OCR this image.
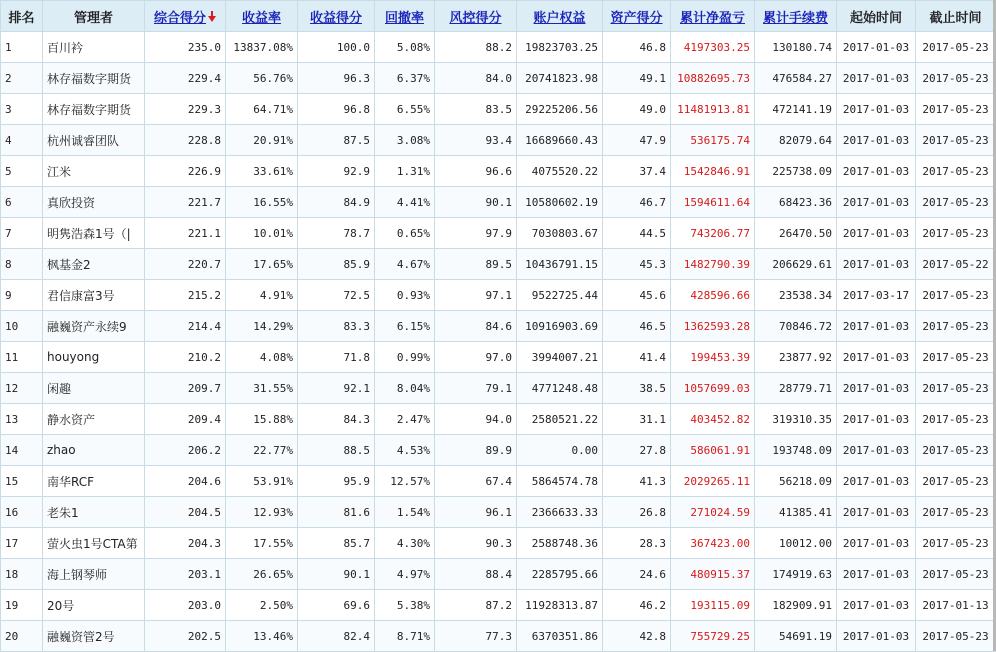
排名	管理者	综合得分	收益率	收益得分	回撤率	风控得分	账户权益	资产得分	累计净盈亏	累计手续费	起始时间	截止时间
1	百川衿	235.0	13837.08%	100.0	5.08%	88.2	19823703.25	46.8	4197303.25	130180.74	2017-01-03	2017-05-23
2	林存福数字期货	229.4	56.76%	96.3	6.37%	84.0	20741823.98	49.1	10882695.73	476584.27	2017-01-03	2017-05-23
3	林存福数字期货	229.3	64.71%	96.8	6.55%	83.5	29225206.56	49.0	11481913.81	472141.19	2017-01-03	2017-05-23
4	杭州诚睿团队	228.8	20.91%	87.5	3.08%	93.4	16689660.43	47.9	536175.74	82079.64	2017-01-03	2017-05-23
5	江米	226.9	33.61%	92.9	1.31%	96.6	4075520.22	37.4	1542846.91	225738.09	2017-01-03	2017-05-23
6	真欣投资	221.7	16.55%	84.9	4.41%	90.1	10580602.19	46.7	1594611.64	68423.36	2017-01-03	2017-05-23
7	明隽浩森1号（|	221.1	10.01%	78.7	0.65%	97.9	7030803.67	44.5	743206.77	26470.50	2017-01-03	2017-05-23
8	枫基金2	220.7	17.65%	85.9	4.67%	89.5	10436791.15	45.3	1482790.39	206629.61	2017-01-03	2017-05-22
9	君信康富3号	215.2	4.91%	72.5	0.93%	97.1	9522725.44	45.6	428596.66	23538.34	2017-03-17	2017-05-23
10	融巍资产永续9	214.4	14.29%	83.3	6.15%	84.6	10916903.69	46.5	1362593.28	70846.72	2017-01-03	2017-05-23
11	houyong	210.2	4.08%	71.8	0.99%	97.0	3994007.21	41.4	199453.39	23877.92	2017-01-03	2017-05-23
12	闲趣	209.7	31.55%	92.1	8.04%	79.1	4771248.48	38.5	1057699.03	28779.71	2017-01-03	2017-05-23
13	静水资产	209.4	15.88%	84.3	2.47%	94.0	2580521.22	31.1	403452.82	319310.35	2017-01-03	2017-05-23
14	zhao	206.2	22.77%	88.5	4.53%	89.9	0.00	27.8	586061.91	193748.09	2017-01-03	2017-05-23
15	南华RCF	204.6	53.91%	95.9	12.57%	67.4	5864574.78	41.3	2029265.11	56218.09	2017-01-03	2017-05-23
16	老朱1	204.5	12.93%	81.6	1.54%	96.1	2366633.33	26.8	271024.59	41385.41	2017-01-03	2017-05-23
17	萤火虫1号CTA第	204.3	17.55%	85.7	4.30%	90.3	2588748.36	28.3	367423.00	10012.00	2017-01-03	2017-05-23
18	海上钢琴师	203.1	26.65%	90.1	4.97%	88.4	2285795.66	24.6	480915.37	174919.63	2017-01-03	2017-05-23
19	20号	203.0	2.50%	69.6	5.38%	87.2	11928313.87	46.2	193115.09	182909.91	2017-01-03	2017-01-13
20	融巍资管2号	202.5	13.46%	82.4	8.71%	77.3	6370351.86	42.8	755729.25	54691.19	2017-01-03	2017-05-23
